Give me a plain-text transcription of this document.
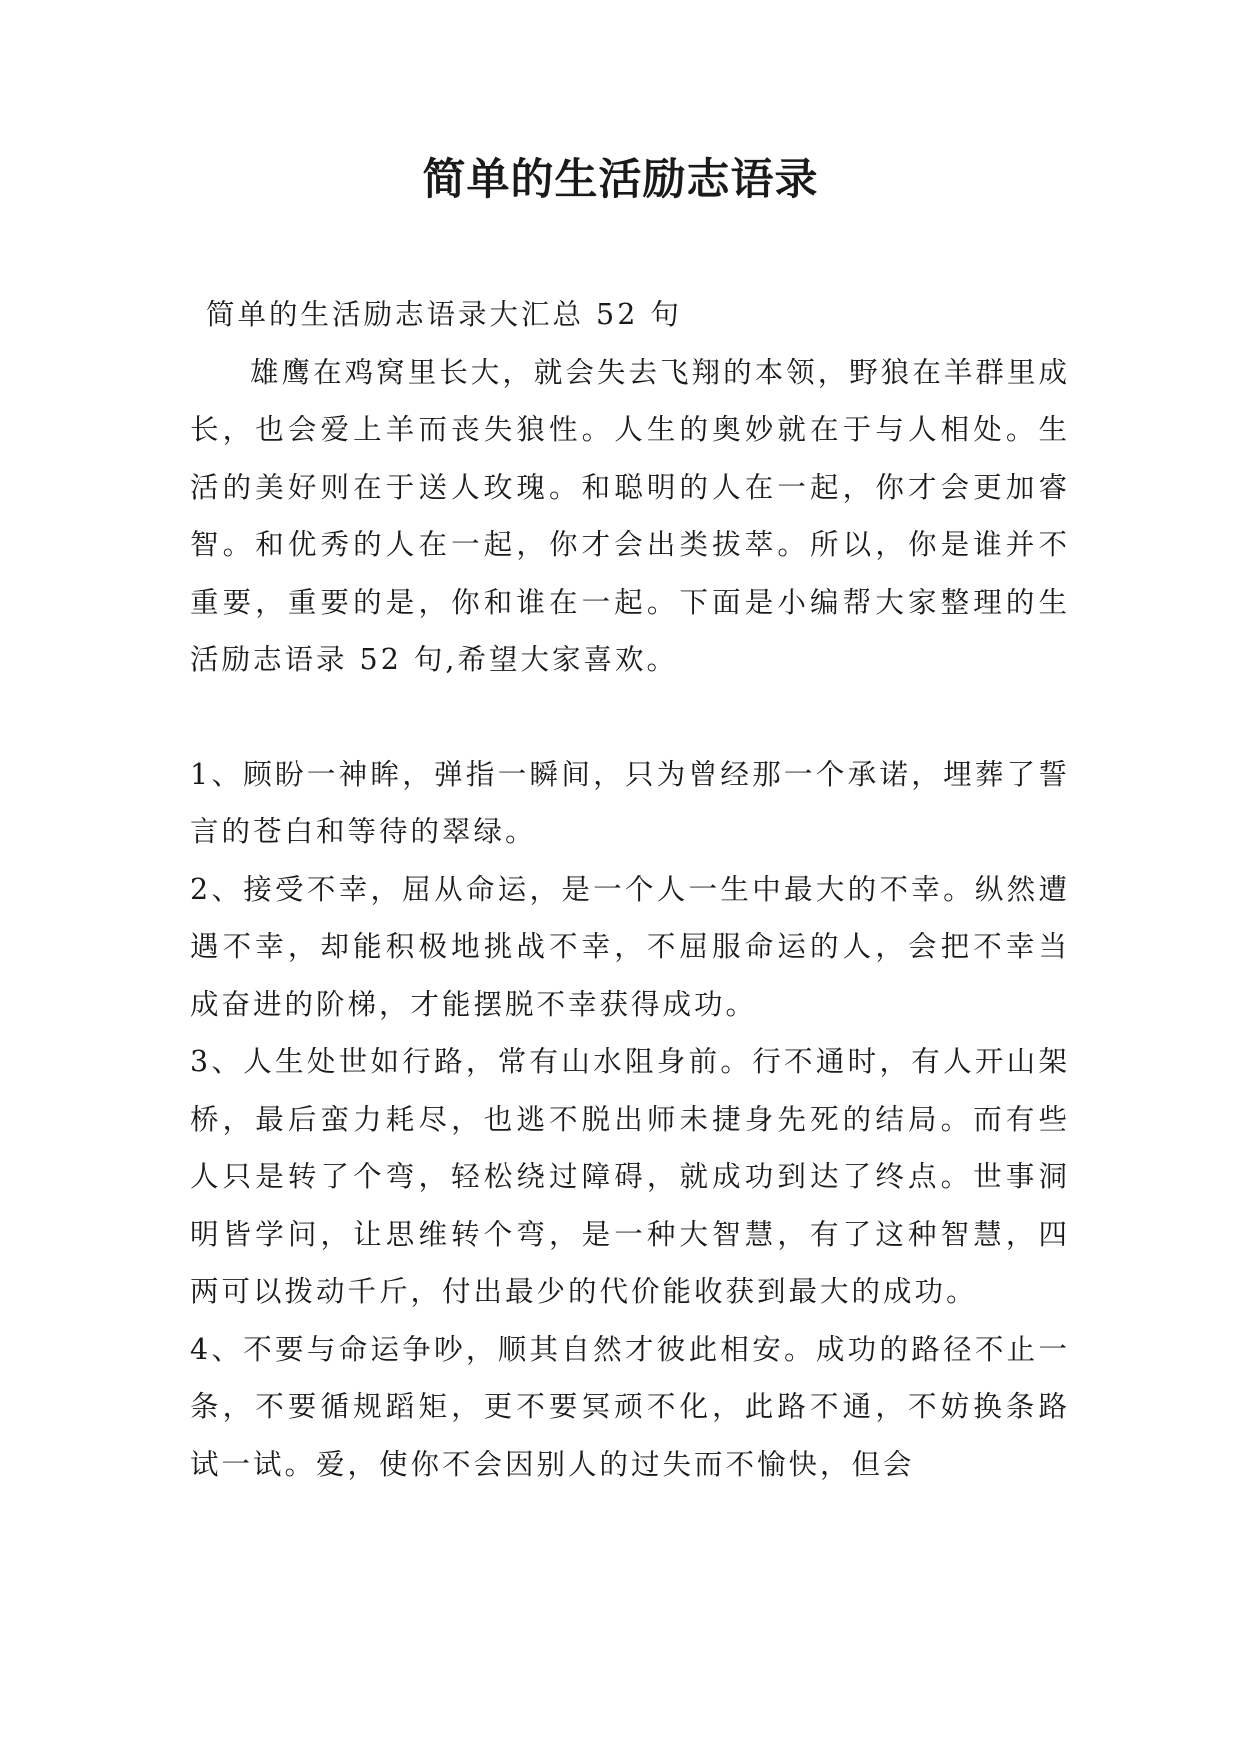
简单的生活励志语录

简单的生活励志语录大汇总 52 句

雄鹰在鸡窝里长大，就会失去飞翔的本领，野狼在羊群里成长，也会爱上羊而丧失狼性。人生的奥妙就在于与人相处。生活的美好则在于送人玫瑰。和聪明的人在一起，你才会更加睿智。和优秀的人在一起，你才会出类拔萃。所以，你是谁并不重要，重要的是，你和谁在一起。下面是小编帮大家整理的生活励志语录 52 句,希望大家喜欢。

1、顾盼一神眸，弹指一瞬间，只为曾经那一个承诺，埋葬了誓言的苍白和等待的翠绿。

2、接受不幸，屈从命运，是一个人一生中最大的不幸。纵然遭遇不幸，却能积极地挑战不幸，不屈服命运的人，会把不幸当成奋进的阶梯，才能摆脱不幸获得成功。

3、人生处世如行路，常有山水阻身前。行不通时，有人开山架桥，最后蛮力耗尽，也逃不脱出师未捷身先死的结局。而有些人只是转了个弯，轻松绕过障碍，就成功到达了终点。世事洞明皆学问，让思维转个弯，是一种大智慧，有了这种智慧，四两可以拨动千斤，付出最少的代价能收获到最大的成功。

4、不要与命运争吵，顺其自然才彼此相安。成功的路径不止一条，不要循规蹈矩，更不要冥顽不化，此路不通，不妨换条路试一试。爱，使你不会因别人的过失而不愉快，但会
